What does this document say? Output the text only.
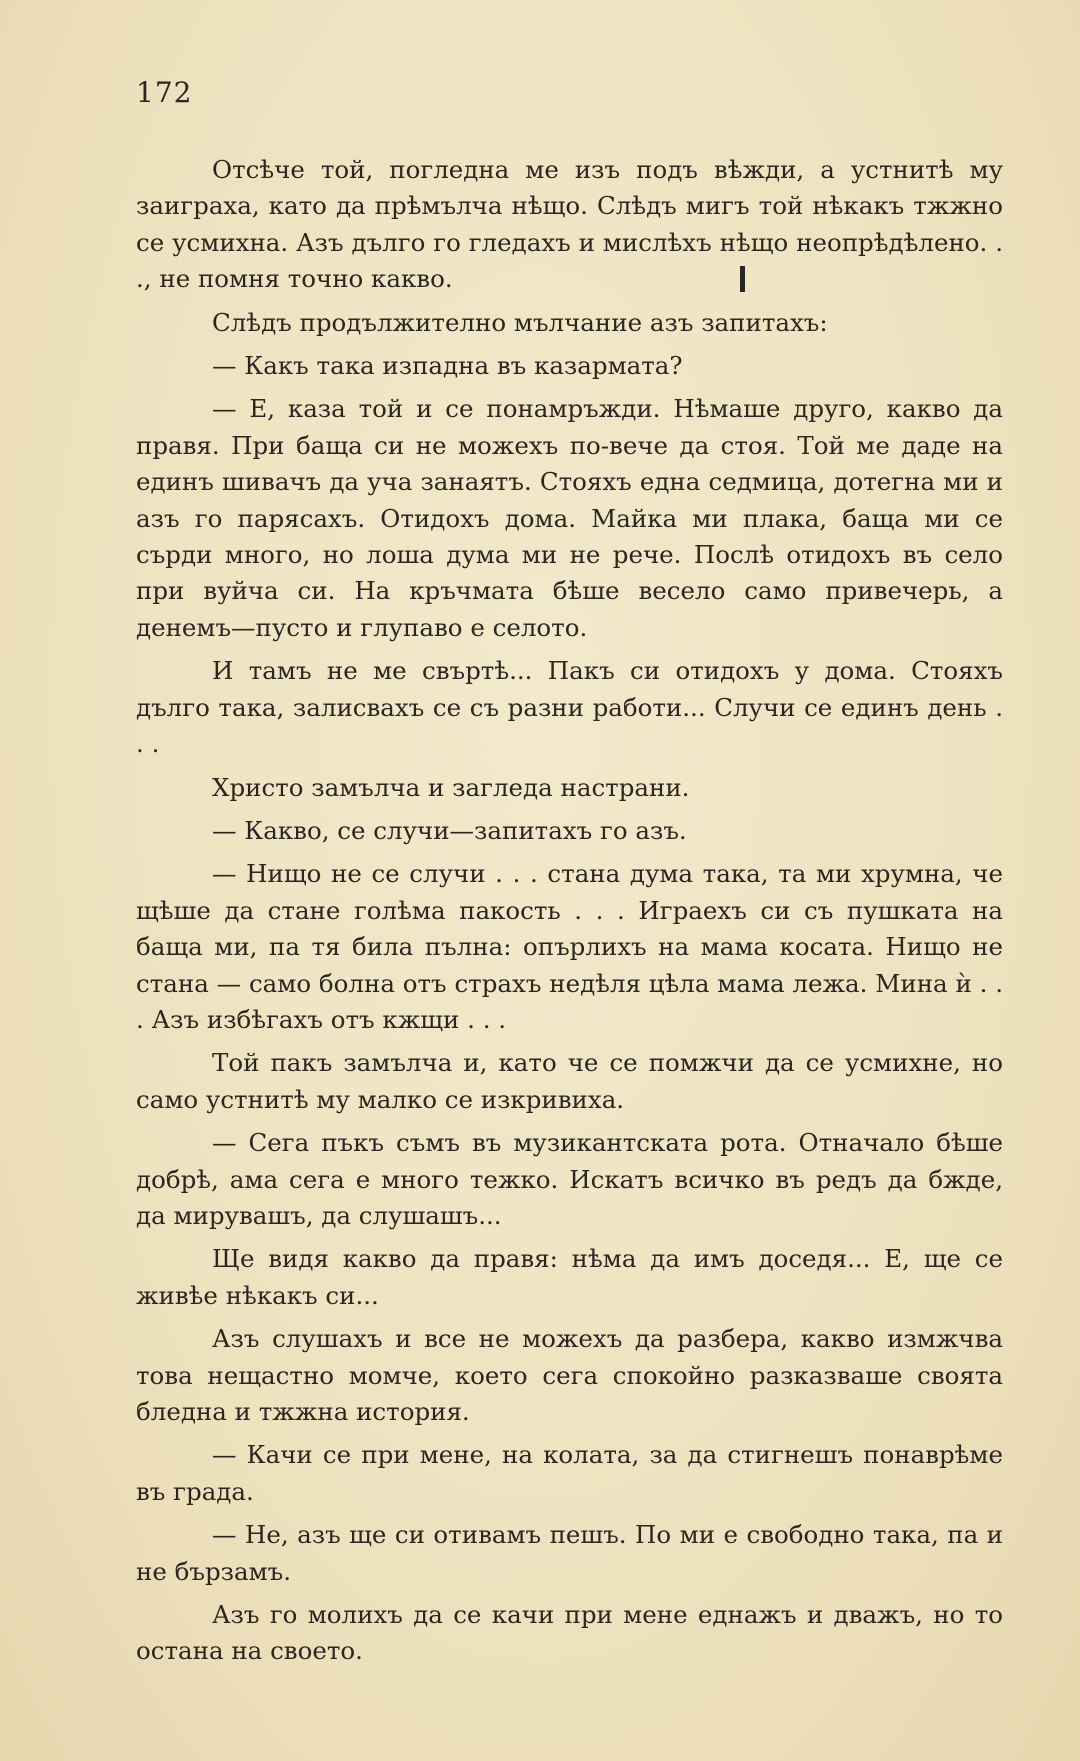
172

Отсѣче той, погледна ме изъ подъ вѣжди, а устнитѣ му заиграха, като да прѣмълча нѣщо. Слѣдъ мигъ той нѣкакъ тжжно се усмихна. Азъ дълго го гледахъ и мислѣхъ нѣщо неопрѣдѣлено. . ., не помня точно какво.

Слѣдъ продължително мълчание азъ запитахъ:

— Какъ така изпадна въ казармата?

— Е, каза той и се понамръжди. Нѣмаше друго, какво да правя. При баща си не можехъ по-вече да стоя. Той ме даде на единъ шивачъ да уча занаятъ. Стояхъ една седмица, дотегна ми и азъ го парясахъ. Отидохъ дома. Майка ми плака, баща ми се сърди много, но лоша дума ми не рече. Послѣ отидохъ въ село при вуйча си. На кръчмата бѣше весело само привечерь, а денемъ—пусто и глупаво е селото.

И тамъ не ме свъртѣ... Пакъ си отидохъ у дома. Стояхъ дълго така, залисвахъ се съ разни работи... Случи се единъ день . . .

Христо замълча и загледа настрани.

— Какво, се случи—запитахъ го азъ.

— Нищо не се случи . . . стана дума така, та ми хрумна, че щѣше да стане голѣма пакость . . . Играехъ си съ пушката на баща ми, па тя била пълна: опърлихъ на мама косата. Нищо не стана — само болна отъ страхъ недѣля цѣла мама лежа. Мина ѝ . . . Азъ избѣгахъ отъ кжщи . . .

Той пакъ замълча и, като че се помжчи да се усмихне, но само устнитѣ му малко се изкривиха.

— Сега пъкъ съмъ въ музикантската рота. Отначало бѣше добрѣ, ама сега е много тежко. Искатъ всичко въ редъ да бжде, да мирувашъ, да слушашъ...

Ще видя какво да правя: нѣма да имъ доседя... Е, ще се живѣе нѣкакъ си...

Азъ слушахъ и все не можехъ да разбера, какво измжчва това нещастно момче, което сега спокойно разказваше своята бледна и тжжна история.

— Качи се при мене, на колата, за да стигнешъ понаврѣме въ града.

— Не, азъ ще си отивамъ пешъ. По ми е свободно така, па и не бързамъ.

Азъ го молихъ да се качи при мене еднажъ и дважъ, но то остана на своето.
